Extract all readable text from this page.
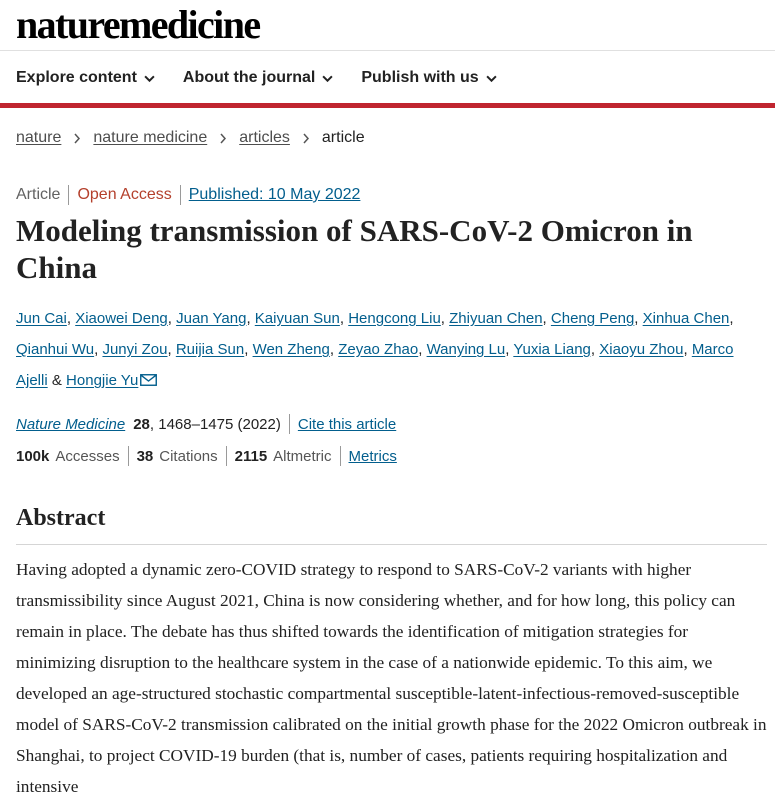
naturemedicine
Explore content	About the journal	Publish with us
nature nature medicine articles article
Article Open Access Published: 10 May 2022
Modeling transmission of SARS-CoV-2 Omicron in China

Jun Cai, Xiaowei Deng, Juan Yang, Kaiyuan Sun, Hengcong Liu, Zhiyuan Chen, Cheng Peng, Xinhua Chen, Qianhui Wu, Junyi Zou, Ruijia Sun, Wen Zheng, Zeyao Zhao, Wanying Lu, Yuxia Liang, Xiaoyu Zhou, Marco Ajelli & Hongjie Yu

Nature Medicine 28 , 1468–1475 (2022) Cite this article
100k Accesses 38 Citations 2115 Altmetric Metrics
Abstract

Having adopted a dynamic zero-COVID strategy to respond to SARS-CoV-2 variants with higher transmissibility since August 2021, China is now considering whether, and for how long, this policy can remain in place. The debate has thus shifted towards the identification of mitigation strategies for minimizing disruption to the healthcare system in the case of a nationwide epidemic. To this aim, we developed an age-structured stochastic compartmental susceptible-latent-infectious-removed-susceptible model of SARS-CoV-2 transmission calibrated on the initial growth phase for the 2022 Omicron outbreak in Shanghai, to project COVID-19 burden (that is, number of cases, patients requiring hospitalization and intensive
